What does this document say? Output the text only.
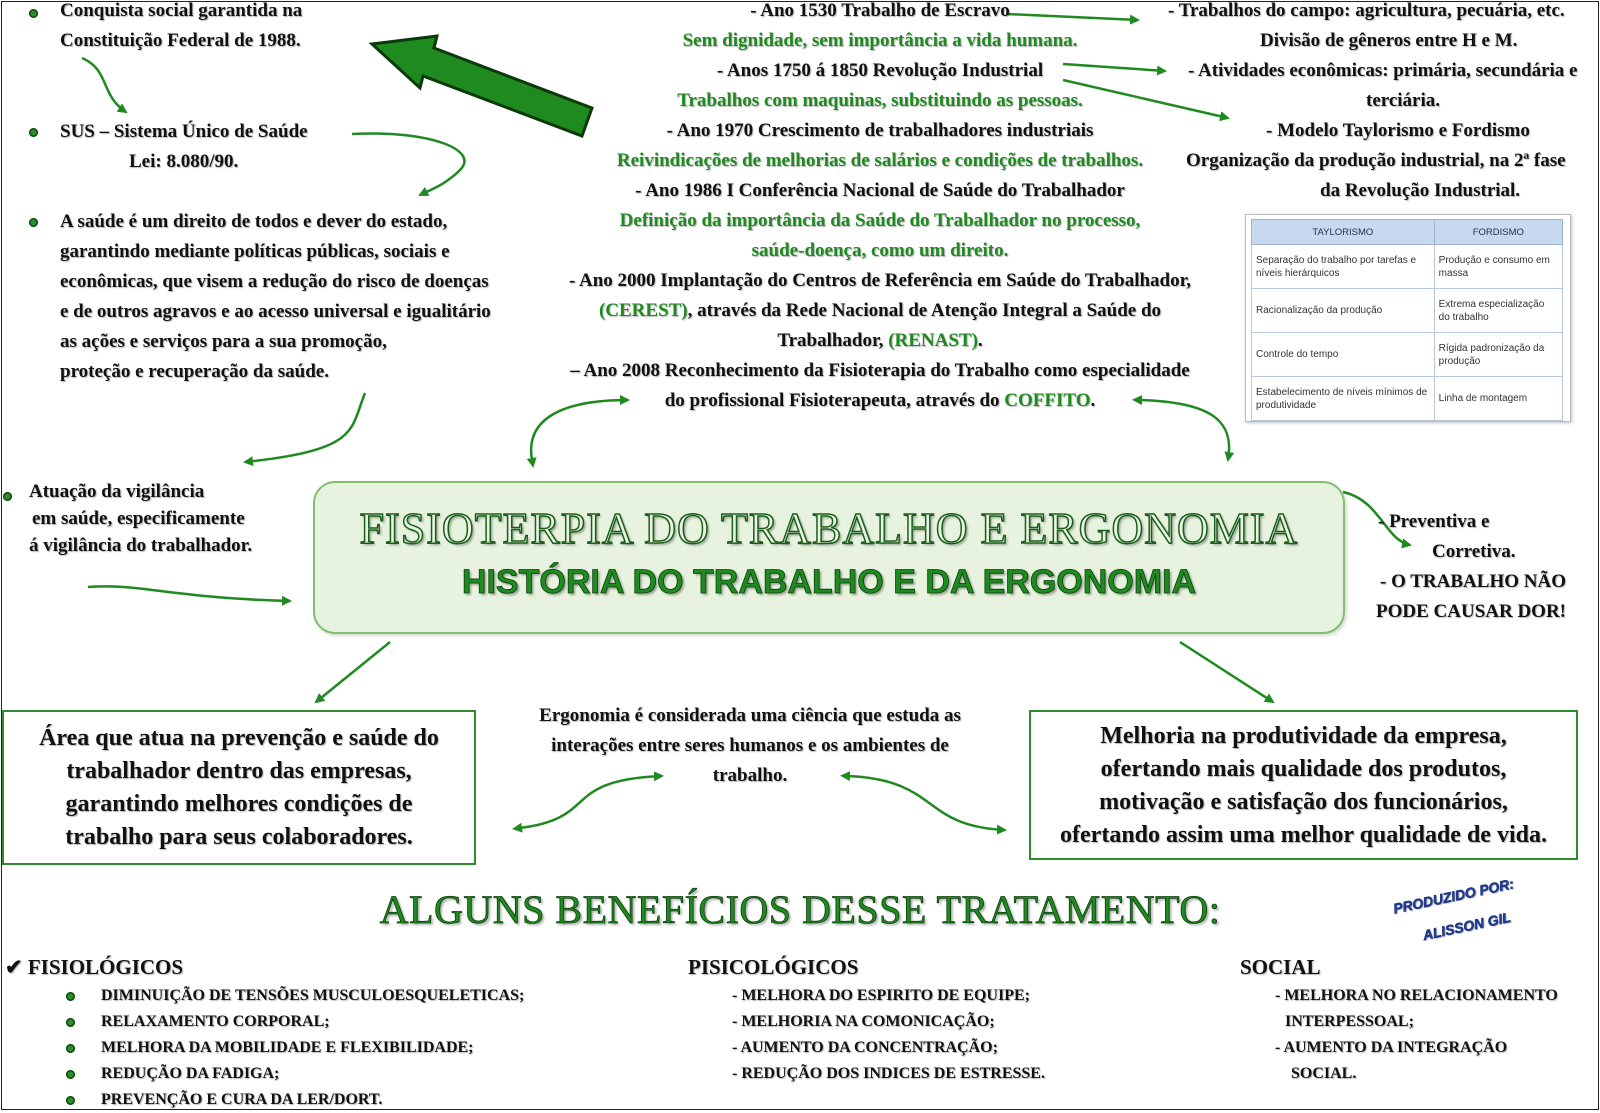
Conquista social garantida na
Constituição Federal de 1988.
SUS – Sistema Único de Saúde
Lei: 8.080/90.
A saúde é um direito de todos e dever do estado,
garantindo mediante políticas públicas, sociais e
econômicas, que visem a redução do risco de doenças
e de outros agravos e ao acesso universal e igualitário
as ações e serviços para a sua promoção,
proteção e recuperação da saúde.
Atuação da vigilância
em saúde, especificamente
á vigilância do trabalhador.
- Ano 1530 Trabalho de Escravo
Sem dignidade, sem importância a vida humana.
- Anos 1750 á 1850 Revolução Industrial
Trabalhos com maquinas, substituindo as pessoas.
- Ano 1970 Crescimento de trabalhadores industriais
Reivindicações de melhorias de salários e condições de trabalhos.
- Ano 1986 I Conferência Nacional de Saúde do Trabalhador
Definição da importância da Saúde do Trabalhador no processo,
saúde-doença, como um direito.
- Ano 2000 Implantação do Centros de Referência em Saúde do Trabalhador,
(CEREST), através da Rede Nacional de Atenção Integral a Saúde do
Trabalhador, (RENAST).
– Ano 2008 Reconhecimento da Fisioterapia do Trabalho como especialidade
do profissional Fisioterapeuta, através do COFFITO.
- Trabalhos do campo: agricultura, pecuária, etc.
Divisão de gêneros entre H e M.
- Atividades econômicas: primária, secundária e
terciária.
- Modelo Taylorismo e Fordismo
Organização da produção industrial, na 2ª fase
da Revolução Industrial.
TAYLORISMO	FORDISMO
Separação do trabalho por tarefas e níveis hierárquicos	Produção e consumo em massa
Racionalização da produção	Extrema especialização do trabalho
Controle do tempo	Rígida padronização da produção
Estabelecimento de níveis mínimos de produtividade	Linha de montagem
FISIOTERPIA DO TRABALHO E ERGONOMIA
HISTÓRIA DO TRABALHO E DA ERGONOMIA
- Preventiva e
Corretiva.
- O TRABALHO NÃO
PODE CAUSAR DOR!
Área que atua na prevenção e saúde do
trabalhador dentro das empresas,
garantindo melhores condições de
trabalho para seus colaboradores.
Ergonomia é considerada uma ciência que estuda as
interações entre seres humanos e os ambientes de
trabalho.
Melhoria na produtividade da empresa,
ofertando mais qualidade dos produtos,
motivação e satisfação dos funcionários,
ofertando assim uma melhor qualidade de vida.
ALGUNS BENEFÍCIOS DESSE TRATAMENTO:	PRODUZIDO POR:
ALISSON GIL
✔ FISIOLÓGICOS
DIMINUIÇÃO DE TENSÕES MUSCULOESQUELETICAS;
RELAXAMENTO CORPORAL;
MELHORA DA MOBILIDADE E FLEXIBILIDADE;
REDUÇÃO DA FADIGA;
PREVENÇÃO E CURA DA LER/DORT.
PISICOLÓGICOS
- MELHORA DO ESPIRITO DE EQUIPE;
- MELHORIA NA COMONICAÇÃO;
- AUMENTO DA CONCENTRAÇÃO;
- REDUÇÃO DOS INDICES DE ESTRESSE.
SOCIAL
- MELHORA NO RELACIONAMENTO
INTERPESSOAL;
- AUMENTO DA INTEGRAÇÃO
SOCIAL.
